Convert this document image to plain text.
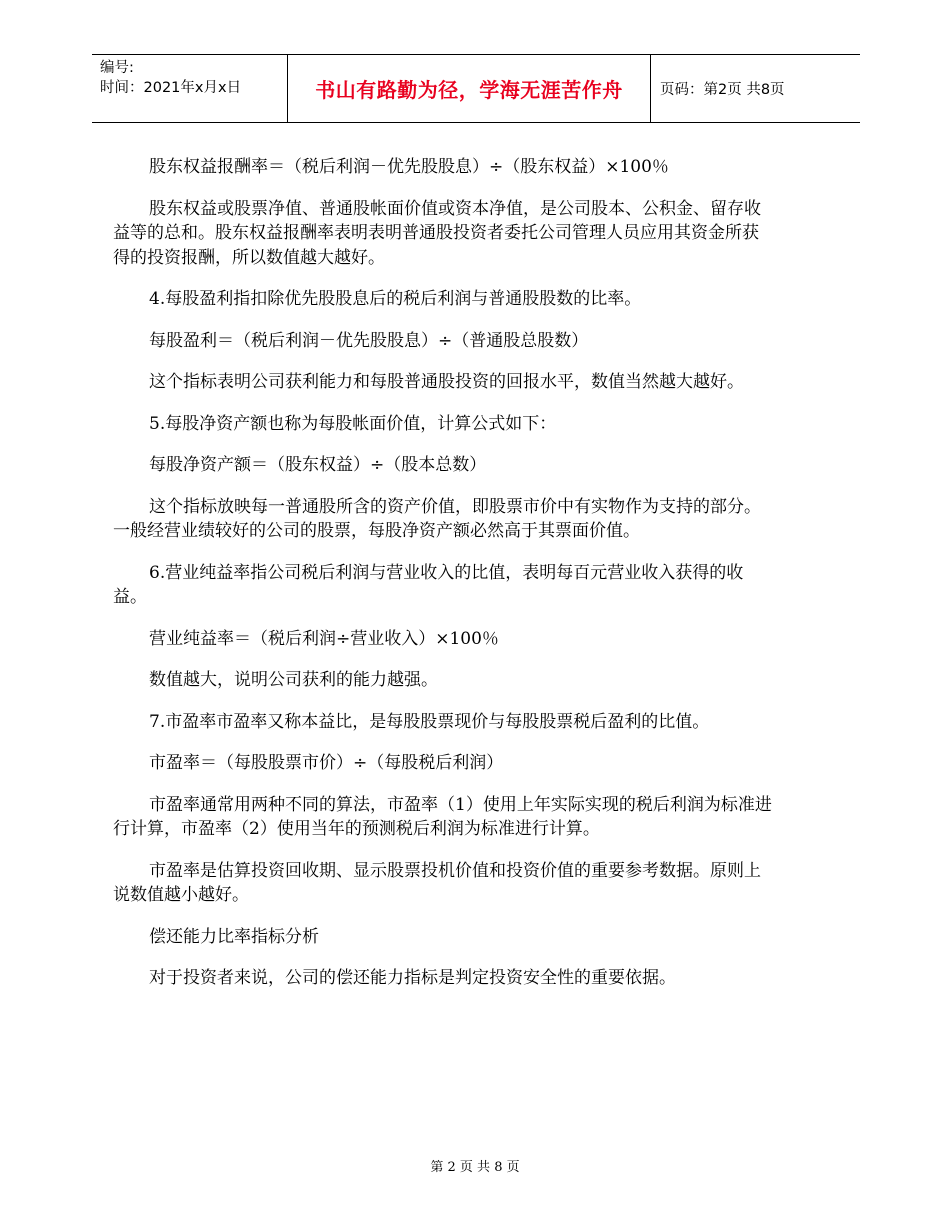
编号:
时间：2021年x月x日	书山有路勤为径，学海无涯苦作舟	页码：第2页 共8页

股东权益报酬率＝（税后利润－优先股股息）÷（股东权益）×100％

股东权益或股票净值、普通股帐面价值或资本净值，是公司股本、公积金、留存收益等的总和。股东权益报酬率表明表明普通股投资者委托公司管理人员应用其资金所获得的投资报酬，所以数值越大越好。

4.每股盈利指扣除优先股股息后的税后利润与普通股股数的比率。

每股盈利＝（税后利润－优先股股息）÷（普通股总股数）

这个指标表明公司获利能力和每股普通股投资的回报水平，数值当然越大越好。

5.每股净资产额也称为每股帐面价值，计算公式如下：

每股净资产额＝（股东权益）÷（股本总数）

这个指标放映每一普通股所含的资产价值，即股票市价中有实物作为支持的部分。一般经营业绩较好的公司的股票，每股净资产额必然高于其票面价值。

6.营业纯益率指公司税后利润与营业收入的比值，表明每百元营业收入获得的收益。

营业纯益率＝（税后利润÷营业收入）×100％

数值越大，说明公司获利的能力越强。

7.市盈率市盈率又称本益比，是每股股票现价与每股股票税后盈利的比值。

市盈率＝（每股股票市价）÷（每股税后利润）

市盈率通常用两种不同的算法，市盈率（1）使用上年实际实现的税后利润为标准进行计算，市盈率（2）使用当年的预测税后利润为标准进行计算。

市盈率是估算投资回收期、显示股票投机价值和投资价值的重要参考数据。原则上说数值越小越好。

偿还能力比率指标分析

对于投资者来说，公司的偿还能力指标是判定投资安全性的重要依据。

第 2 页 共 8 页
